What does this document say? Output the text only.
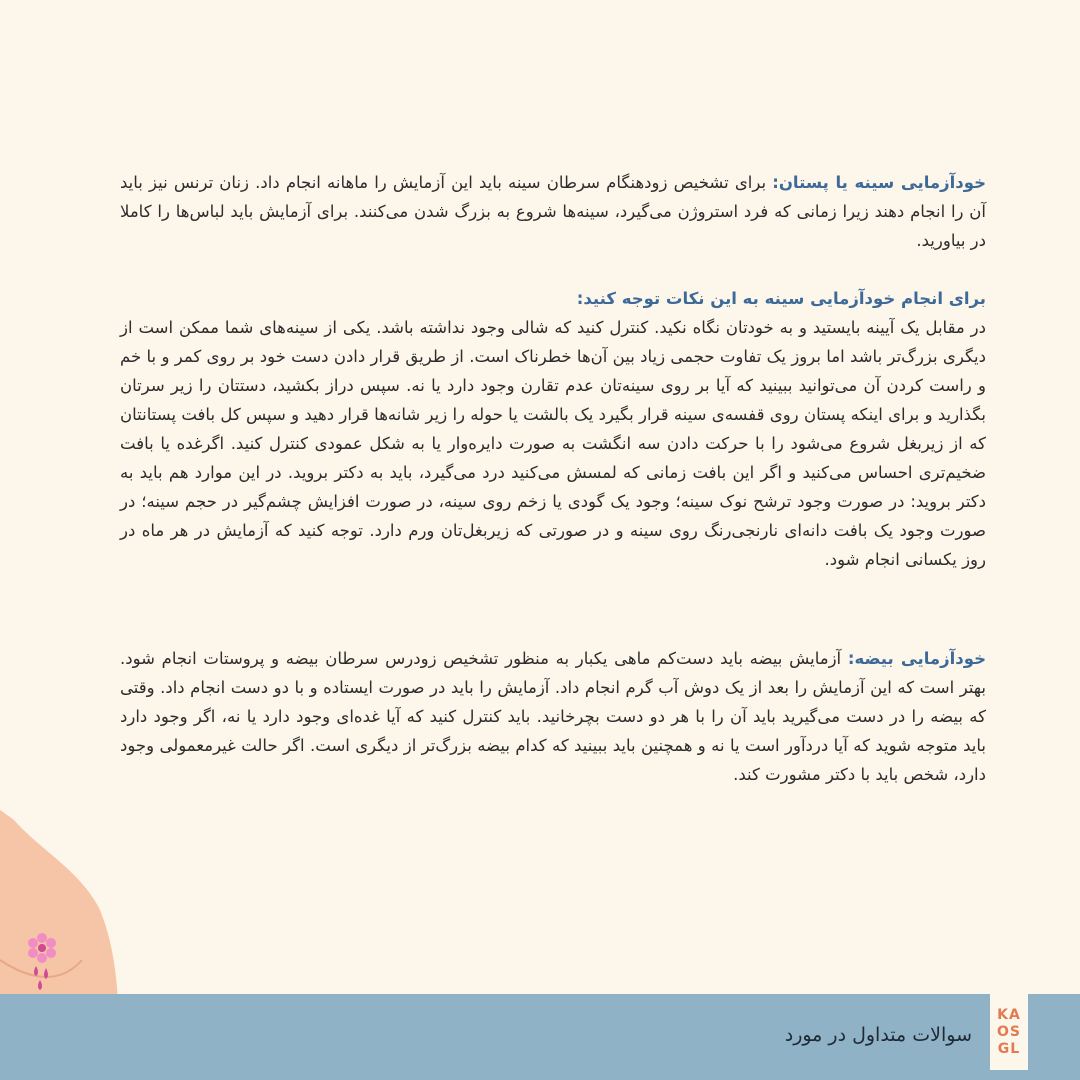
خودآزمایی سینه یا پستان: برای تشخیص زودهنگام سرطان سینه باید این آزمایش را ماهانه انجام داد. زنان ترنس نیز باید آن را انجام دهند زیرا زمانی که فرد استروژن می‌گیرد، سینه‌ها شروع به بزرگ شدن می‌کنند. برای آزمایش باید لباس‌ها را کاملا در بیاورید.

برای انجام خودآزمایی سینه به این نکات توجه کنید:

در مقابل یک آیینه بایستید و به خودتان نگاه نکید. کنترل کنید که شالی وجود نداشته باشد. یکی از سینه‌های شما ممکن است از دیگری بزرگ‌تر باشد اما بروز یک تفاوت حجمی زیاد بین آن‌ها خطرناک است. از طریق قرار دادن دست خود بر روی کمر و با خم و راست کردن آن می‌توانید ببینید که آیا بر روی سینه‌تان عدم تقارن وجود دارد یا نه. سپس دراز بکشید، دستتان را زیر سرتان بگذارید و برای اینکه پستان روی قفسه‌ی سینه قرار بگیرد یک بالشت یا حوله را زیر شانه‌ها قرار دهید و سپس کل بافت پستانتان که از زیربغل شروع می‌شود را با حرکت دادن سه انگشت به صورت دایره‌وار یا به شکل عمودی کنترل کنید. اگرغده یا بافت ضخیم‌تری احساس می‌کنید و اگر این بافت زمانی که لمسش می‌کنید درد می‌گیرد، باید به دکتر بروید. در این موارد هم باید به دکتر بروید: در صورت وجود ترشح نوک سینه؛ وجود یک گودی یا زخم روی سینه، در صورت افزایش چشم‌گیر در حجم سینه؛ در صورت وجود یک بافت دانه‌ای نارنجی‌رنگ روی سینه و در صورتی که زیربغل‌تان ورم دارد. توجه کنید که آزمایش در هر ماه در روز یکسانی انجام شود.

خودآزمایی بیضه: آزمایش بیضه باید دست‌کم ماهی یکبار به منظور تشخیص زودرس سرطان بیضه و پروستات انجام شود. بهتر است که این آزمایش را بعد از یک دوش آب گرم انجام داد. آزمایش را باید در صورت ایستاده و با دو دست انجام داد. وقتی که بیضه را در دست می‌گیرید باید آن را با هر دو دست بچرخانید. باید کنترل کنید که آیا غده‌ای وجود دارد یا نه، اگر وجود دارد باید متوجه شوید که آیا دردآور است یا نه و همچنین باید ببینید که کدام بیضه بزرگ‌تر از دیگری است. اگر حالت غیرمعمولی وجود دارد، شخص باید با دکتر مشورت کند.

سوالات متداول در مورد
KA
OS
GL
